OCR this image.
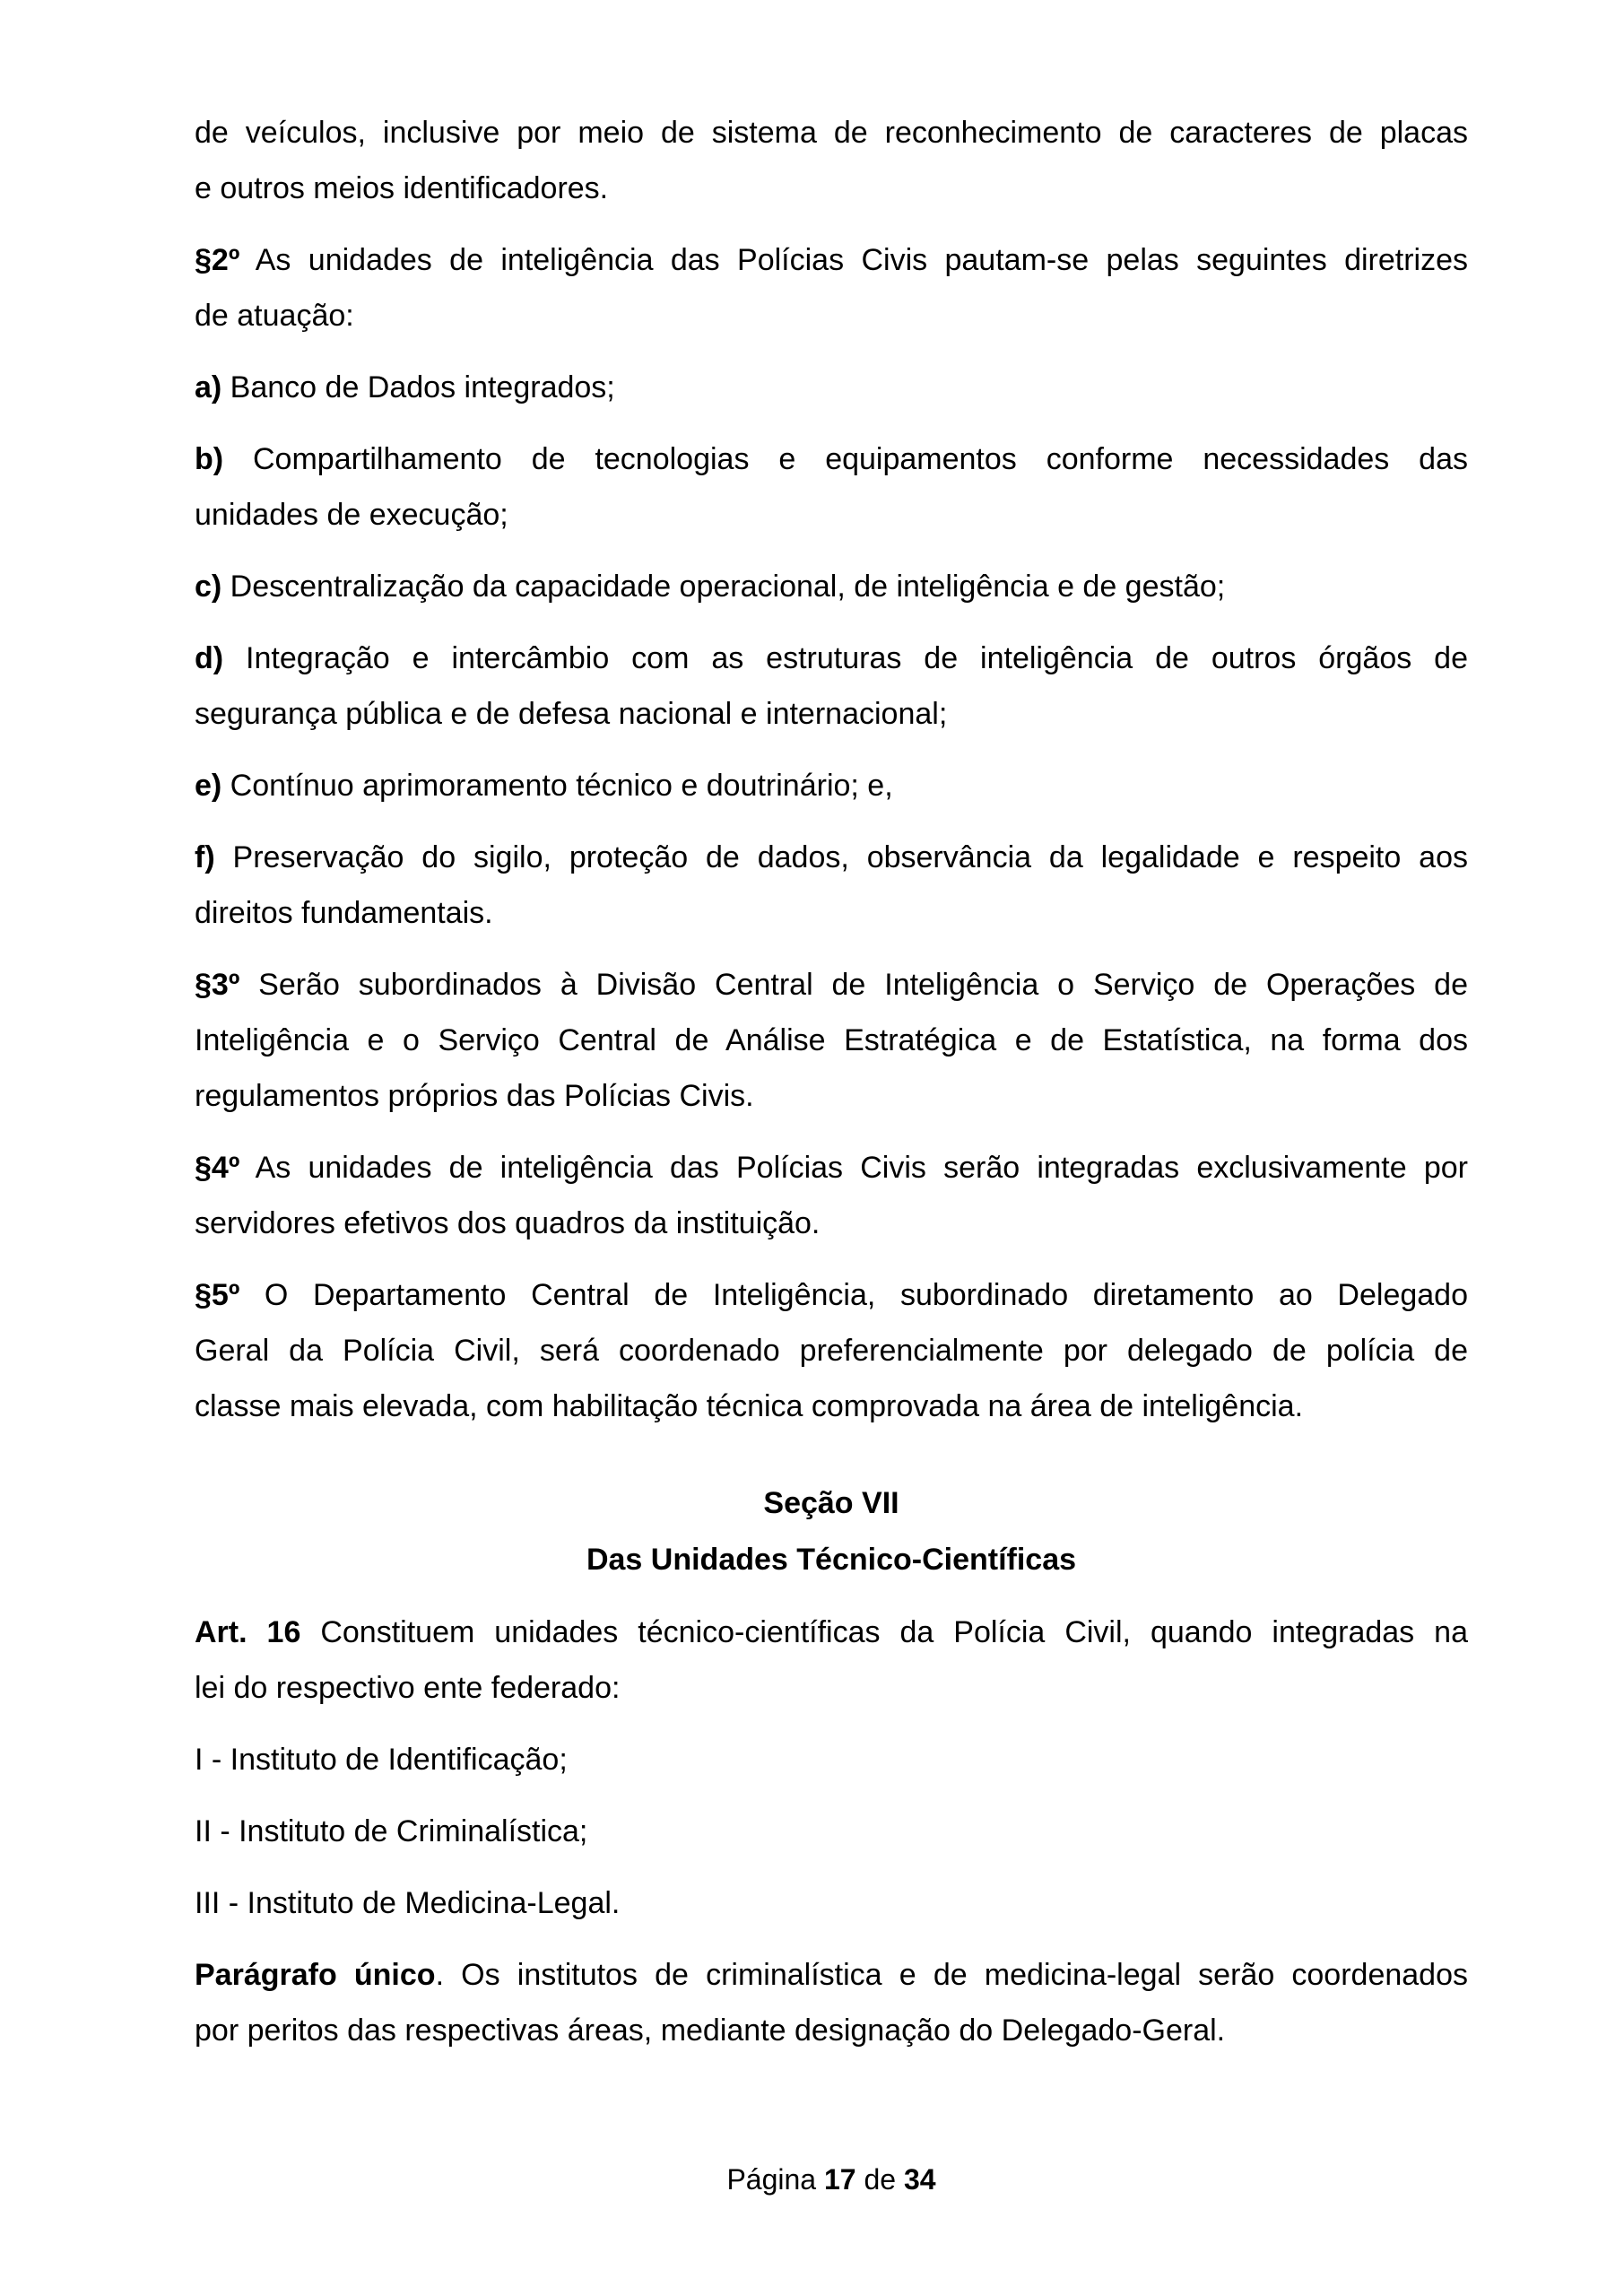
de veículos, inclusive por meio de sistema de reconhecimento de caracteres de placas
e outros meios identificadores.
§2º As unidades de inteligência das Polícias Civis pautam-se pelas seguintes diretrizes
de atuação:
a) Banco de Dados integrados;
b) Compartilhamento de tecnologias e equipamentos conforme necessidades das
unidades de execução;
c) Descentralização da capacidade operacional, de inteligência e de gestão;
d) Integração e intercâmbio com as estruturas de inteligência de outros órgãos de
segurança pública e de defesa nacional e internacional;
e) Contínuo aprimoramento técnico e doutrinário; e,
f) Preservação do sigilo, proteção de dados, observância da legalidade e respeito aos
direitos fundamentais.
§3º Serão subordinados à Divisão Central de Inteligência o Serviço de Operações de
Inteligência e o Serviço Central de Análise Estratégica e de Estatística, na forma dos
regulamentos próprios das Polícias Civis.
§4º As unidades de inteligência das Polícias Civis serão integradas exclusivamente por
servidores efetivos dos quadros da instituição.
§5º O Departamento Central de Inteligência, subordinado diretamento ao Delegado
Geral da Polícia Civil, será coordenado preferencialmente por delegado de polícia de
classe mais elevada, com habilitação técnica comprovada na área de inteligência.
Seção VII
Das Unidades Técnico-Científicas
Art. 16 Constituem unidades técnico-científicas da Polícia Civil, quando integradas na
lei do respectivo ente federado:
I - Instituto de Identificação;
II - Instituto de Criminalística;
III - Instituto de Medicina-Legal.
Parágrafo único. Os institutos de criminalística e de medicina-legal serão coordenados
por peritos das respectivas áreas, mediante designação do Delegado-Geral.
Página 17 de 34
